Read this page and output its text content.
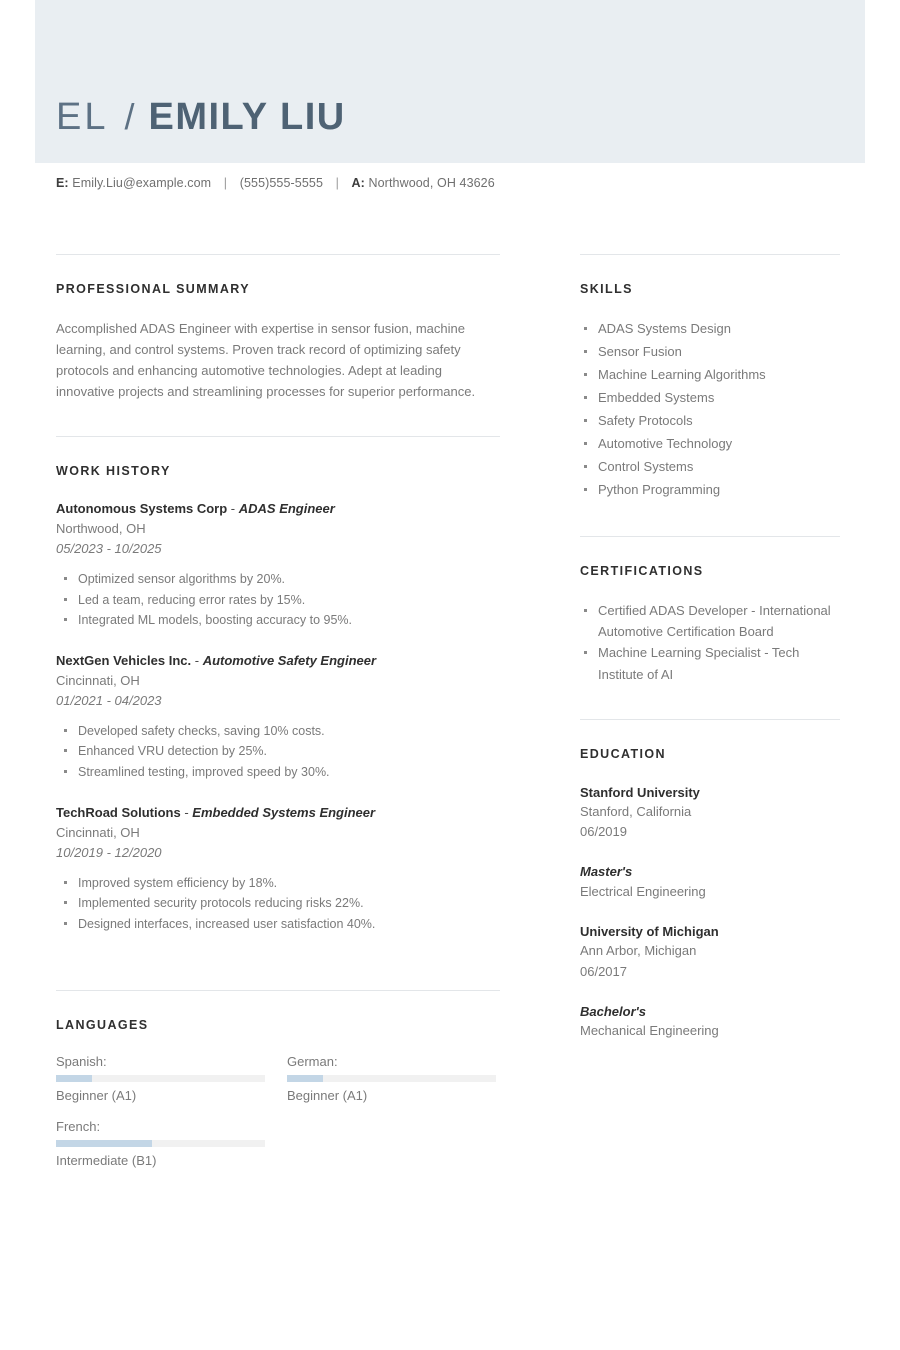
EL / EMILY LIU
E: Emily.Liu@example.com | (555)555-5555 | A: Northwood, OH 43626
PROFESSIONAL SUMMARY
Accomplished ADAS Engineer with expertise in sensor fusion, machine learning, and control systems. Proven track record of optimizing safety protocols and enhancing automotive technologies. Adept at leading innovative projects and streamlining processes for superior performance.
WORK HISTORY
Autonomous Systems Corp - ADAS Engineer
Northwood, OH
05/2023 - 10/2025
Optimized sensor algorithms by 20%.
Led a team, reducing error rates by 15%.
Integrated ML models, boosting accuracy to 95%.
NextGen Vehicles Inc. - Automotive Safety Engineer
Cincinnati, OH
01/2021 - 04/2023
Developed safety checks, saving 10% costs.
Enhanced VRU detection by 25%.
Streamlined testing, improved speed by 30%.
TechRoad Solutions - Embedded Systems Engineer
Cincinnati, OH
10/2019 - 12/2020
Improved system efficiency by 18%.
Implemented security protocols reducing risks 22%.
Designed interfaces, increased user satisfaction 40%.
LANGUAGES
Spanish:
Beginner (A1)
German:
Beginner (A1)
French:
Intermediate (B1)
SKILLS
ADAS Systems Design
Sensor Fusion
Machine Learning Algorithms
Embedded Systems
Safety Protocols
Automotive Technology
Control Systems
Python Programming
CERTIFICATIONS
Certified ADAS Developer - International Automotive Certification Board
Machine Learning Specialist - Tech Institute of AI
EDUCATION
Stanford University
Stanford, California
06/2019
Master's
Electrical Engineering
University of Michigan
Ann Arbor, Michigan
06/2017
Bachelor's
Mechanical Engineering
